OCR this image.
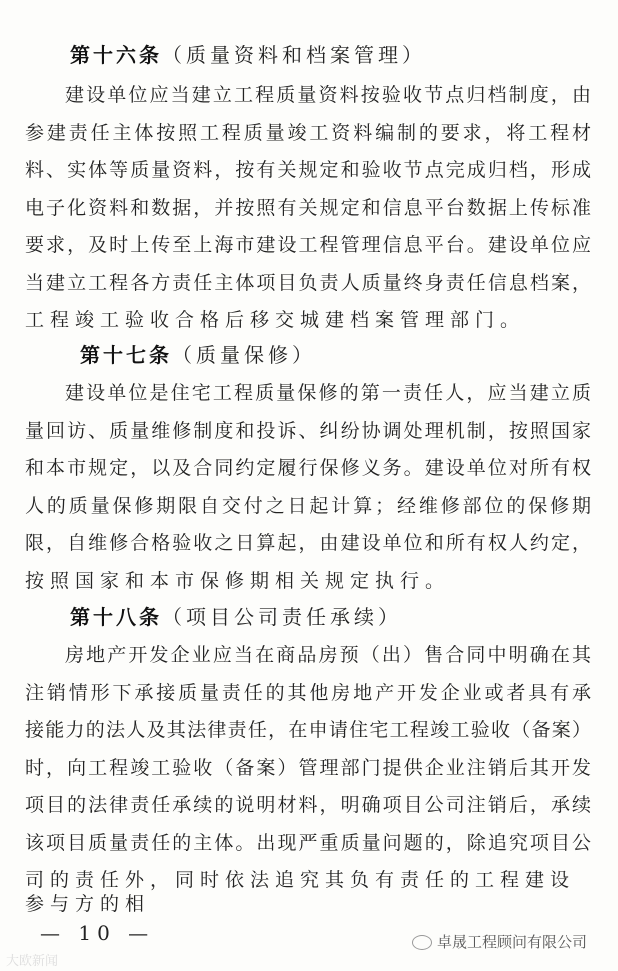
第十六条（质量资料和档案管理）
建设单位应当建立工程质量资料按验收节点归档制度，由
参建责任主体按照工程质量竣工资料编制的要求，将工程材
料、实体等质量资料，按有关规定和验收节点完成归档，形成
电子化资料和数据，并按照有关规定和信息平台数据上传标准
要求，及时上传至上海市建设工程管理信息平台。建设单位应
当建立工程各方责任主体项目负责人质量终身责任信息档案，
工程竣工验收合格后移交城建档案管理部门。
第十七条（质量保修）
建设单位是住宅工程质量保修的第一责任人，应当建立质
量回访、质量维修制度和投诉、纠纷协调处理机制，按照国家
和本市规定，以及合同约定履行保修义务。建设单位对所有权
人的质量保修期限自交付之日起计算；经维修部位的保修期
限，自维修合格验收之日算起，由建设单位和所有权人约定，
按照国家和本市保修期相关规定执行。
第十八条（项目公司责任承续）
房地产开发企业应当在商品房预（出）售合同中明确在其
注销情形下承接质量责任的其他房地产开发企业或者具有承
接能力的法人及其法律责任，在申请住宅工程竣工验收（备案）
时，向工程竣工验收（备案）管理部门提供企业注销后其开发
项目的法律责任承续的说明材料，明确项目公司注销后，承续
该项目质量责任的主体。出现严重质量问题的，除追究项目公
司的责任外，同时依法追究其负有责任的工程建设参与方的相
— 10 —	卓晟工程顾问有限公司
大欧新闻
